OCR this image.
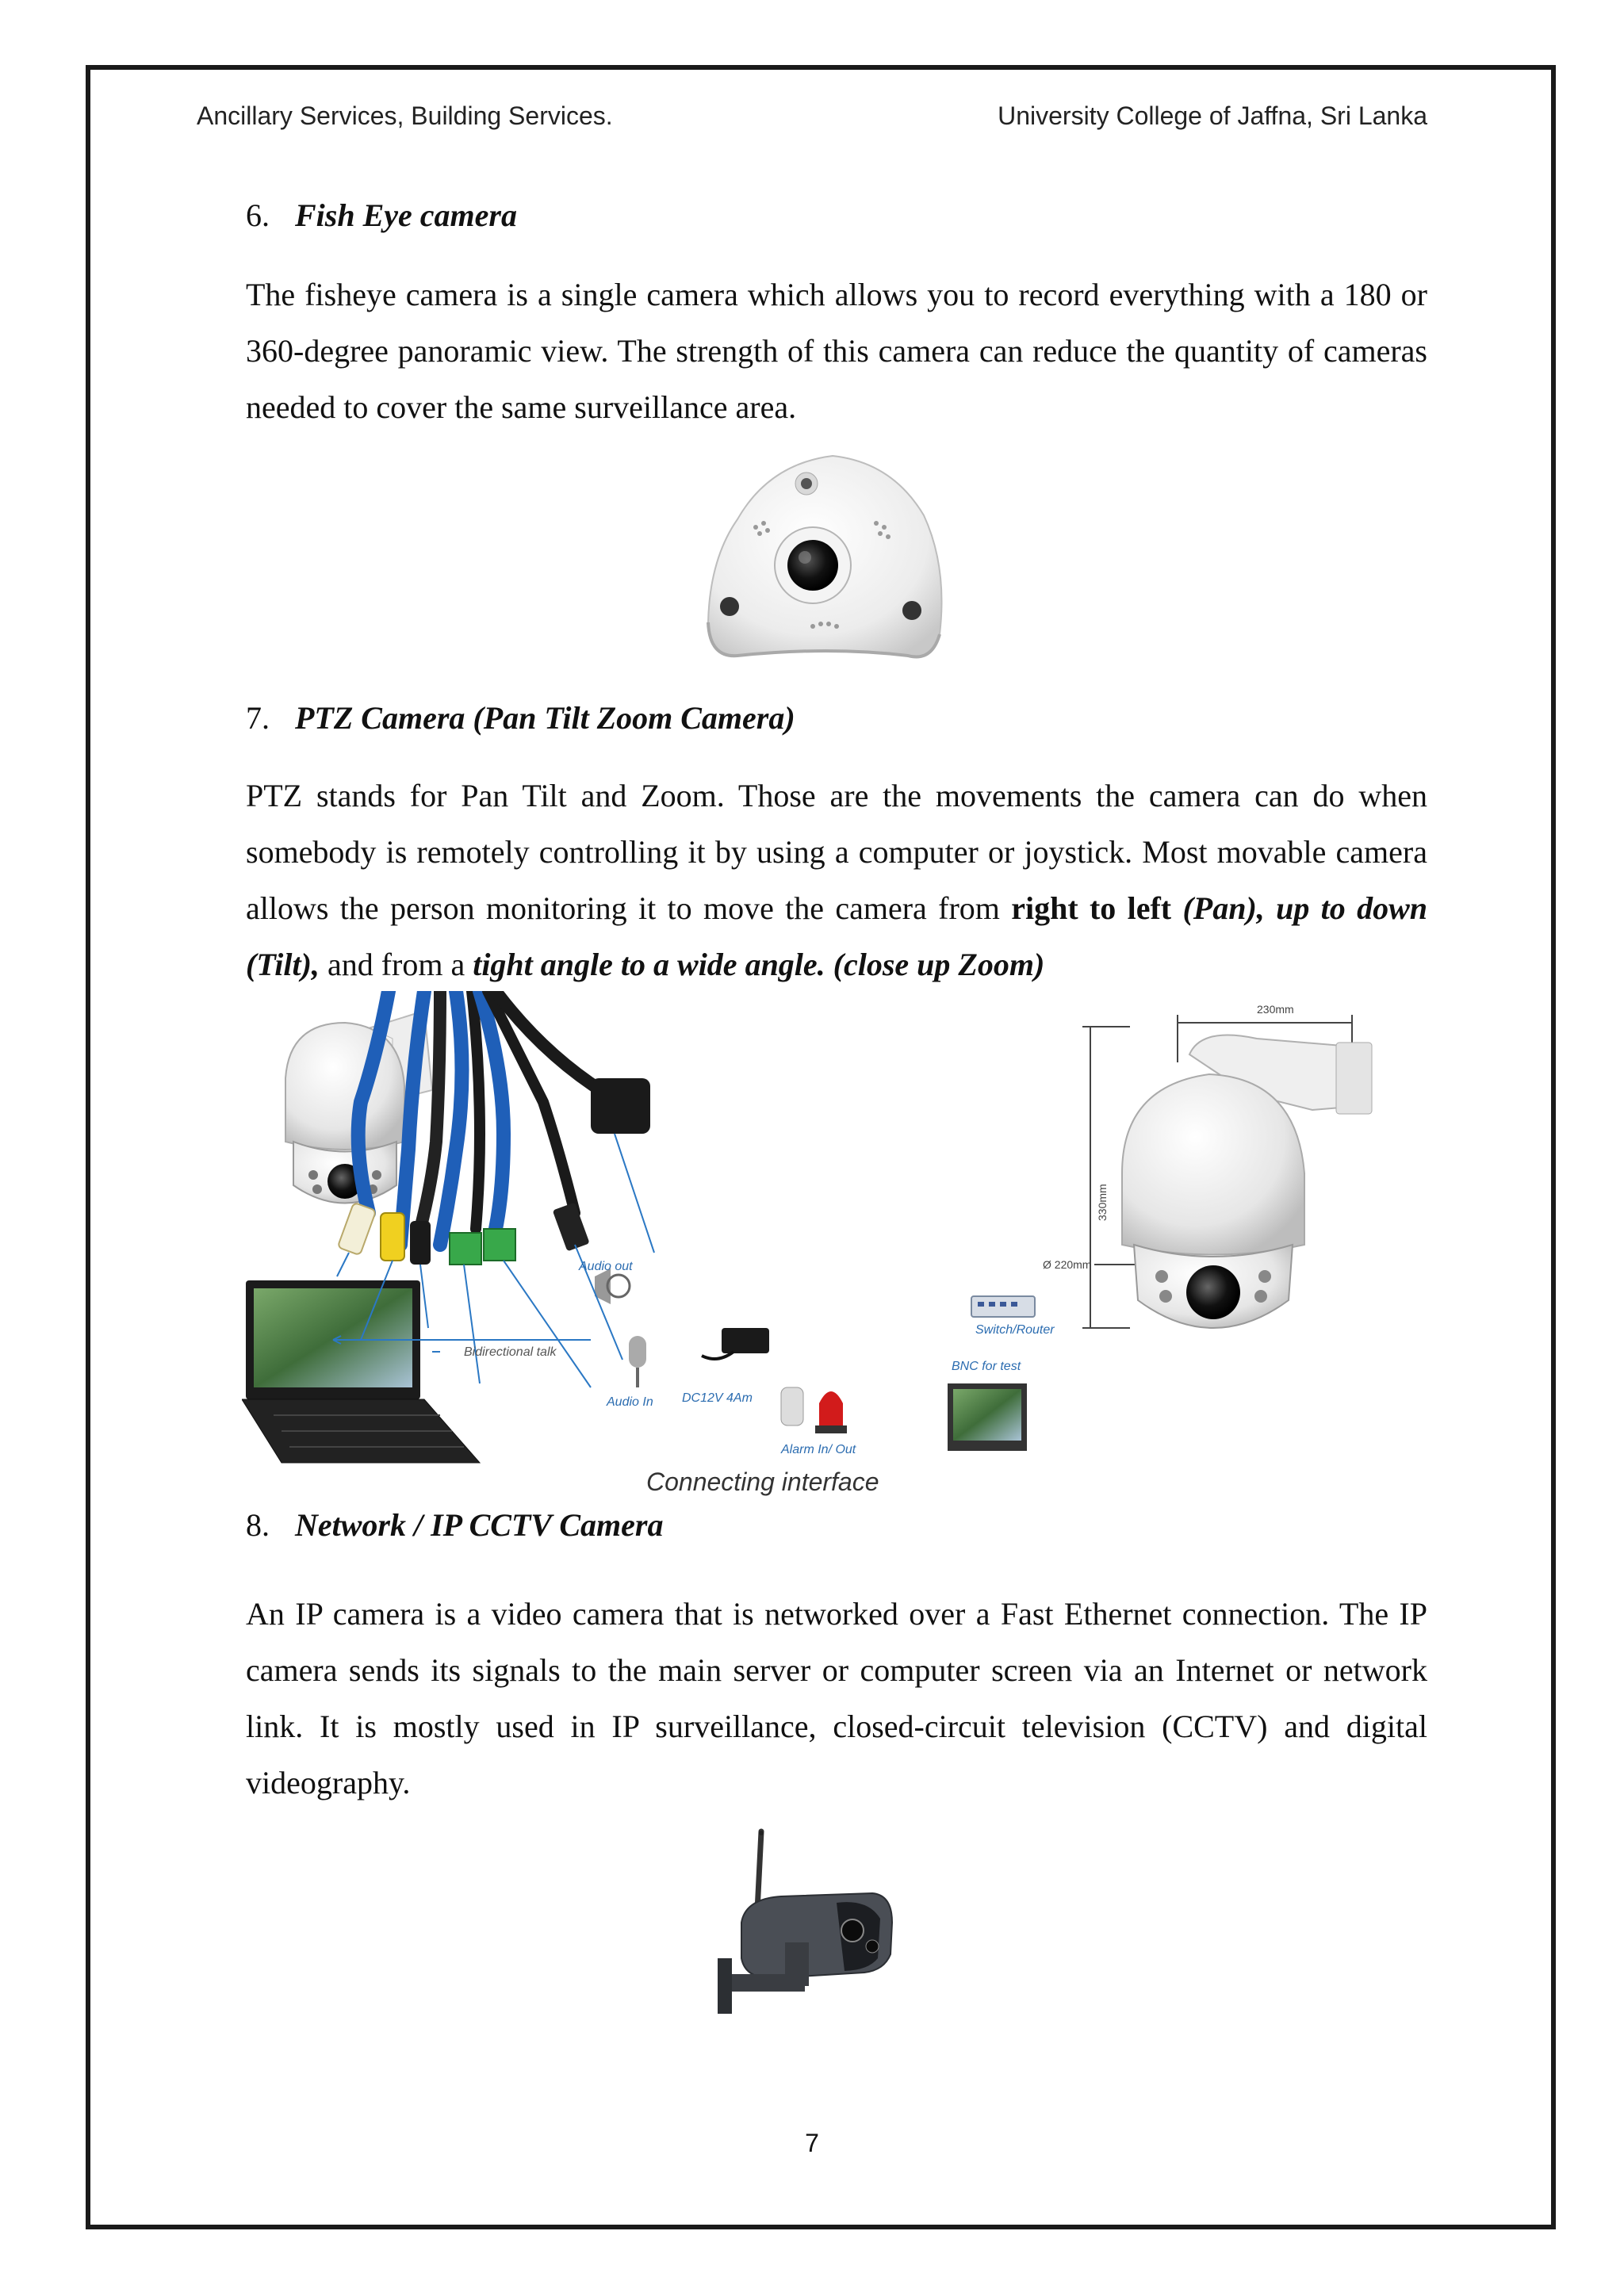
Ancillary Services, Building Services.	University College of Jaffna, Sri Lanka
6. Fish Eye camera
The fisheye camera is a single camera which allows you to record everything with a 180 or 360-degree panoramic view. The strength of this camera can reduce the quantity of cameras needed to cover the same surveillance area.
7. PTZ Camera (Pan Tilt Zoom Camera)
PTZ stands for Pan Tilt and Zoom. Those are the movements the camera can do when somebody is remotely controlling it by using a computer or joystick. Most movable camera allows the person monitoring it to move the camera from right to left (Pan), up to down (Tilt), and from a tight angle to a wide angle. (close up Zoom)
Audio out
Bidirectional talk
Audio In DC12V 4Am
Alarm In/ Out
BNC for test
Switch/Router
Connecting interface
230mm
330mm
Ø 220mm
8. Network / IP CCTV Camera
An IP camera is a video camera that is networked over a Fast Ethernet connection. The IP camera sends its signals to the main server or computer screen via an Internet or network link. It is mostly used in IP surveillance, closed-circuit television (CCTV) and digital videography.
7
